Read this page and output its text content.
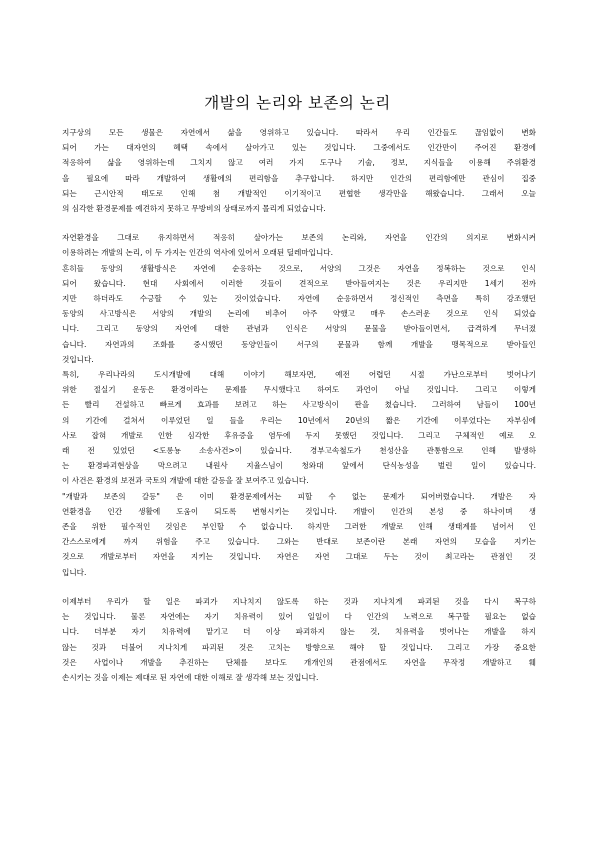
개발의 논리와 보존의 논리
지구상의 모든 생물은 자연에서 삶을 영위하고 있습니다. 따라서 우리 인간들도 끊임없이 변화
되어 가는 대자연의 혜택 속에서 살아가고 있는 것입니다. 그중에서도 인간만이 주어진 환경에
적응하여 삶을 영위하는데 그치지 않고 여러 가지 도구나 기술, 정보, 지식들을 이용해 주위환경
을 필요에 따라 개발하여 생활에의 편리함을 추구합니다. 하지만 인간의 편리함에만 관심이 집중
되는 근시안적 태도로 인해 첨 개발적인 이기적이고 편협한 생각만을 해왔습니다. 그래서 오늘
의 심각한 환경문제를 예견하지 못하고 무방비의 상태로까지 몰리게 되었습니다.
자연환경을 그대로 유지하면서 적응히 살아가는 보존의 논리와, 자연을 인간의 의지로 변화시켜
이용하려는 개발의 논리, 이 두 가지는 인간의 역사에 있어서 오래된 딜레마입니다.
흔히들 동양의 생활방식은 자연에 순응하는 것으로, 서양의 그것은 자연을 정복하는 것으로 인식
되어 왔습니다. 현대 사회에서 이러한 것들이 견적으로 받아들여지는 것은 우리지만 1세기 전까
지만 하더라도 수긍할 수 있는 것이었습니다. 자연에 순응하면서 정신적인 측면을 특히 강조했던
동양의 사고방식은 서양의 개발의 논리에 비추어 아주 약했고 매우 손스러운 것으로 인식 되었습
니다. 그리고 동양의 자연에 대한 관념과 인식은 서양의 문물을 받아들이면서, 급격하게 무너졌
습니다. 자연과의 조화를 중시했던 동양인들이 서구의 문물과 함께 개발을 맹목적으로 받아들인
것입니다.
특히, 우리나라의 도시개발에 대해 이야기 해보자면, 예전 어렵던 시절 가난으로부터 벗어나기
위한 절실기 운동은 환경이라는 문제를 무시했다고 하여도 과언이 아닐 것입니다. 그리고 이렇게
든 빨리 건설하고 빠르게 효과를 보려고 하는 사고방식이 판을 쳤습니다. 그러하여 남들이 100년
의 기간에 걸쳐서 이루었던 일 들을 우리는 10년에서 20년의 짧은 기간에 이루었다는 자부심에
사로 잡혀 개발로 인한 심각한 후유증을 염두에 두지 못했던 것입니다. 그리고 구체적인 예로 오
래 전 있었던 <도롱뇽 소송사건>이 있습니다. 경부고속철도가 천성산을 관통함으로 인해 발생하
는 환경파괴현상을 막으려고 내원사 지율스님이 청와대 앞에서 단식농성을 벌린 일이 있습니다.
이 사건은 환경의 보전과 국토의 개발에 대한 갈등을 잘 보여주고 있습니다.
"개발과 보존의 갈등" 은 이미 환경문제에서는 피할 수 없는 문제가 되어버렸습니다. 개발은 자
연환경을 인간 생활에 도움이 되도록 변형시키는 것입니다. 개발이 인간의 본성 중 하나이며 생
존을 위한 필수적인 것임은 부인할 수 없습니다. 하지만 그러한 개발로 인해 생태계를 넘어서 인
간스스로에게 까지 위험을 주고 있습니다. 그와는 반대로 보존이란 본래 자연의 모습을 지키는
것으로 개발로부터 자연을 지키는 것입니다. 자연은 자연 그대로 두는 것이 최고라는 관점인 것
입니다.
이제부터 우리가 할 일은 파괴가 지나치지 않도록 하는 것과 지나치게 파괴된 것을 다시 복구하
는 것입니다. 물론 자연에는 자기 치유력이 있어 일일이 다 인간의 노력으로 복구할 필요는 없습
니다. 더부분 자기 치유력에 맡기고 더 이상 파괴하지 않는 것, 치유력을 벗어나는 개발을 하지
않는 것과 더불어 지나치게 파괴된 것은 고치는 방향으로 해야 할 것입니다. 그리고 가장 중요한
것은 사업이나 개발을 추진하는 단체를 보다도 개개인의 관점에서도 자연을 무작정 개발하고 훼
손시키는 것을 이제는 제대로 된 자연에 대한 이해로 잘 생각해 보는 것입니다.
